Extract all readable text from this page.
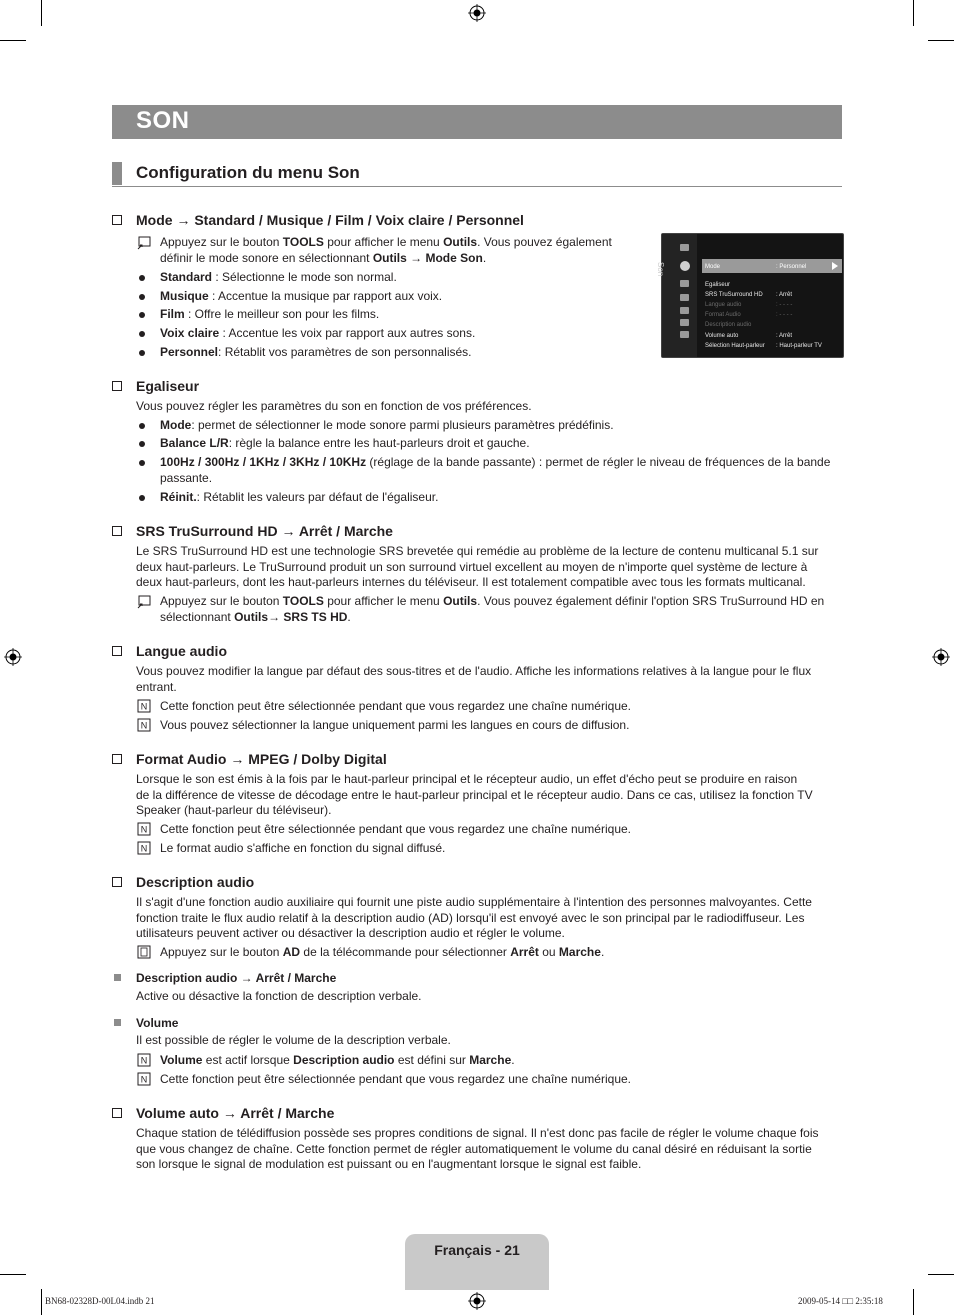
SON
Configuration du menu Son
Mode → Standard / Musique / Film / Voix claire / Personnel
Appuyez sur le bouton TOOLS pour afficher le menu Outils. Vous pouvez également
définir le mode sonore en sélectionnant Outils → Mode Son.
Standard : Sélectionne le mode son normal.
Musique : Accentue la musique par rapport aux voix.
Film : Offre le meilleur son pour les films.
Voix claire : Accentue les voix par rapport aux autres sons.
Personnel: Rétablit vos paramètres de son personnalisés.
Son	Mode	: Personnel
Egaliseur
SRS TruSurround HD : Arrêt
Langue audio	: - - - -
Format Audio	: - - - -
Description audio
Volume auto	: Arrêt
Sélection Haut-parleur : Haut-parleur TV
Egaliseur
Vous pouvez régler les paramètres du son en fonction de vos préférences.
Mode: permet de sélectionner le mode sonore parmi plusieurs paramètres prédéfinis.
Balance L/R: règle la balance entre les haut-parleurs droit et gauche.
100Hz / 300Hz / 1KHz / 3KHz / 10KHz (réglage de la bande passante) : permet de régler le niveau de fréquences de la bande
passante.
Réinit.: Rétablit les valeurs par défaut de l'égaliseur.
SRS TruSurround HD → Arrêt / Marche
Le SRS TruSurround HD est une technologie SRS brevetée qui remédie au problème de la lecture de contenu multicanal 5.1 sur
deux haut-parleurs. Le TruSurround produit un son surround virtuel excellent au moyen de n'importe quel système de lecture à
deux haut-parleurs, dont les haut-parleurs internes du téléviseur. Il est totalement compatible avec tous les formats multicanal.
Appuyez sur le bouton TOOLS pour afficher le menu Outils. Vous pouvez également définir l'option SRS TruSurround HD en
sélectionnant Outils→ SRS TS HD.
Langue audio
Vous pouvez modifier la langue par défaut des sous-titres et de l'audio. Affiche les informations relatives à la langue pour le flux
entrant.
N Cette fonction peut être sélectionnée pendant que vous regardez une chaîne numérique.
N Vous pouvez sélectionner la langue uniquement parmi les langues en cours de diffusion.
Format Audio → MPEG / Dolby Digital
Lorsque le son est émis à la fois par le haut-parleur principal et le récepteur audio, un effet d'écho peut se produire en raison
de la différence de vitesse de décodage entre le haut-parleur principal et le récepteur audio. Dans ce cas, utilisez la fonction TV
Speaker (haut-parleur du téléviseur).
N Cette fonction peut être sélectionnée pendant que vous regardez une chaîne numérique.
N Le format audio s'affiche en fonction du signal diffusé.
Description audio
Il s'agit d'une fonction audio auxiliaire qui fournit une piste audio supplémentaire à l'intention des personnes malvoyantes. Cette
fonction traite le flux audio relatif à la description audio (AD) lorsqu'il est envoyé avec le son principal par le radiodiffuseur. Les
utilisateurs peuvent activer ou désactiver la description audio et régler le volume.
Appuyez sur le bouton AD de la télécommande pour sélectionner Arrêt ou Marche.
Description audio → Arrêt / Marche
Active ou désactive la fonction de description verbale.
Volume
Il est possible de régler le volume de la description verbale.
N Volume est actif lorsque Description audio est défini sur Marche.
N Cette fonction peut être sélectionnée pendant que vous regardez une chaîne numérique.
Volume auto → Arrêt / Marche
Chaque station de télédiffusion possède ses propres conditions de signal. Il n'est donc pas facile de régler le volume chaque fois
que vous changez de chaîne. Cette fonction permet de régler automatiquement le volume du canal désiré en réduisant la sortie
son lorsque le signal de modulation est puissant ou en l'augmentant lorsque le signal est faible.
Français - 21
BN68-02328D-00L04.indb 21	2009-05-14 □□ 2:35:18
